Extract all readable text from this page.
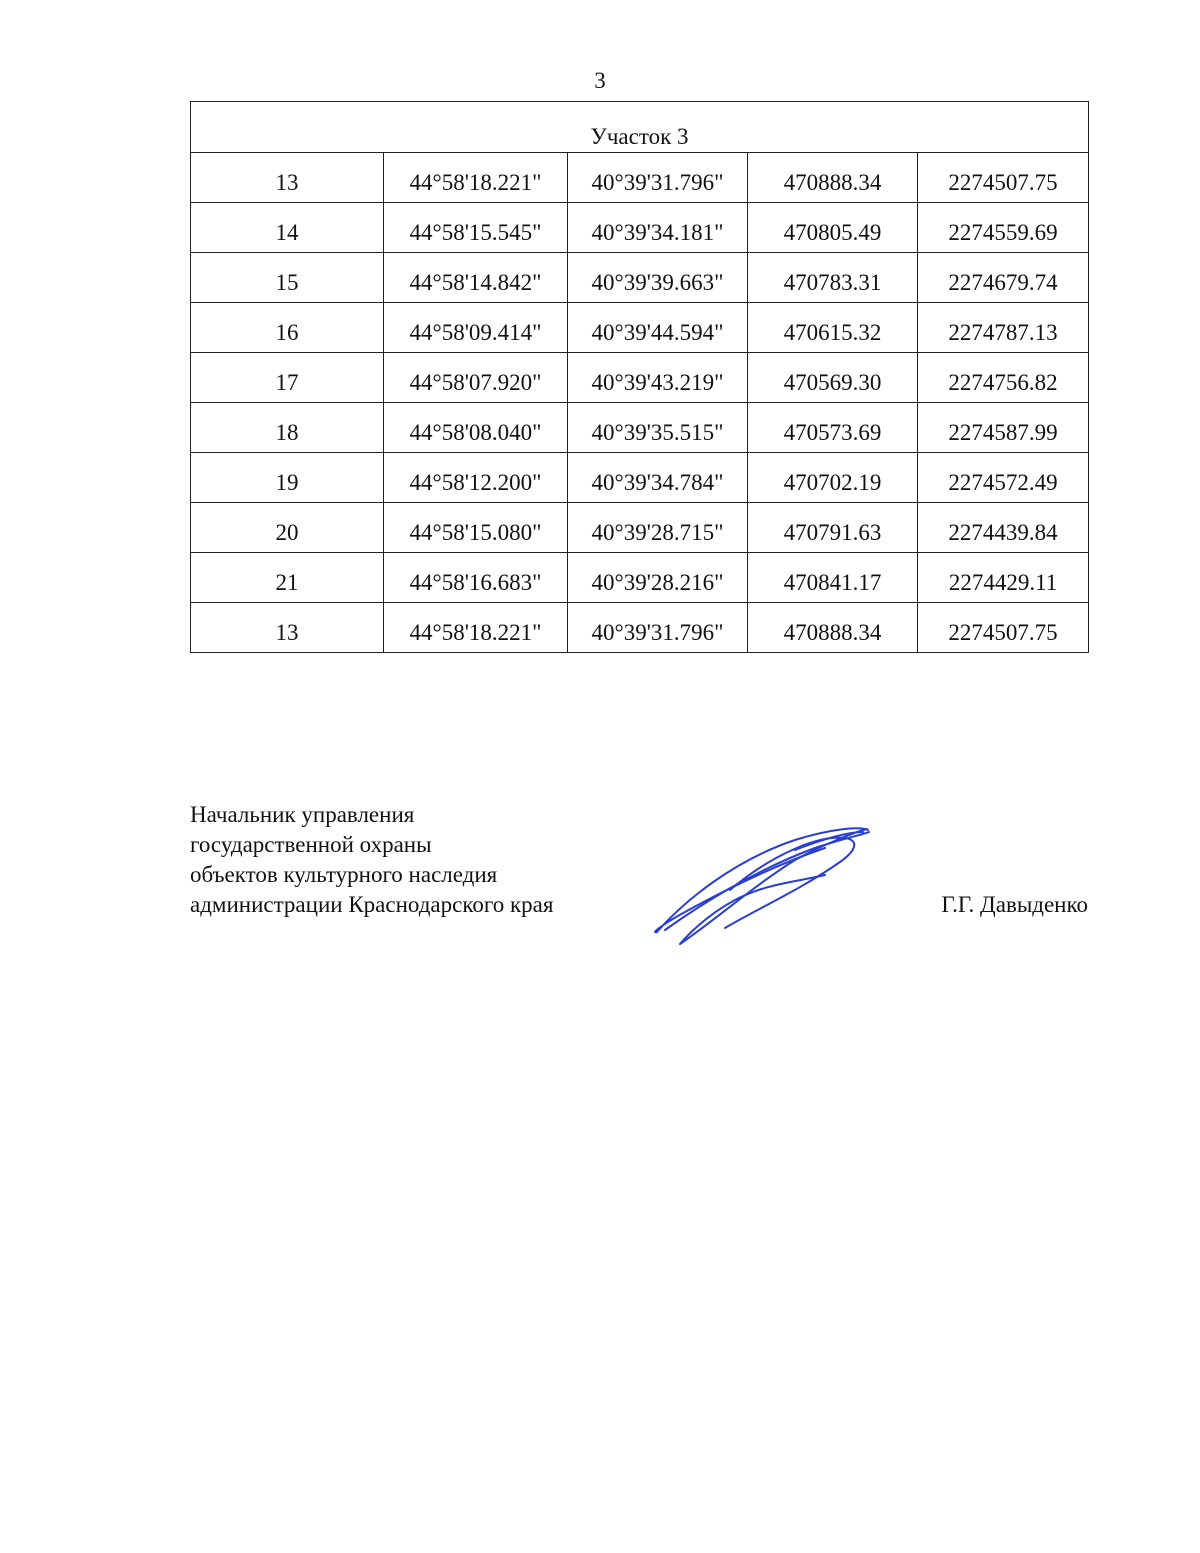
3
Участок 3				
13	44°58'18.221"	40°39'31.796"	470888.34	2274507.75
14	44°58'15.545"	40°39'34.181"	470805.49	2274559.69
15	44°58'14.842"	40°39'39.663"	470783.31	2274679.74
16	44°58'09.414"	40°39'44.594"	470615.32	2274787.13
17	44°58'07.920"	40°39'43.219"	470569.30	2274756.82
18	44°58'08.040"	40°39'35.515"	470573.69	2274587.99
19	44°58'12.200"	40°39'34.784"	470702.19	2274572.49
20	44°58'15.080"	40°39'28.715"	470791.63	2274439.84
21	44°58'16.683"	40°39'28.216"	470841.17	2274429.11
13	44°58'18.221"	40°39'31.796"	470888.34	2274507.75
Начальник управления
государственной охраны
объектов культурного наследия
администрации Краснодарского края	Г.Г. Давыденко
